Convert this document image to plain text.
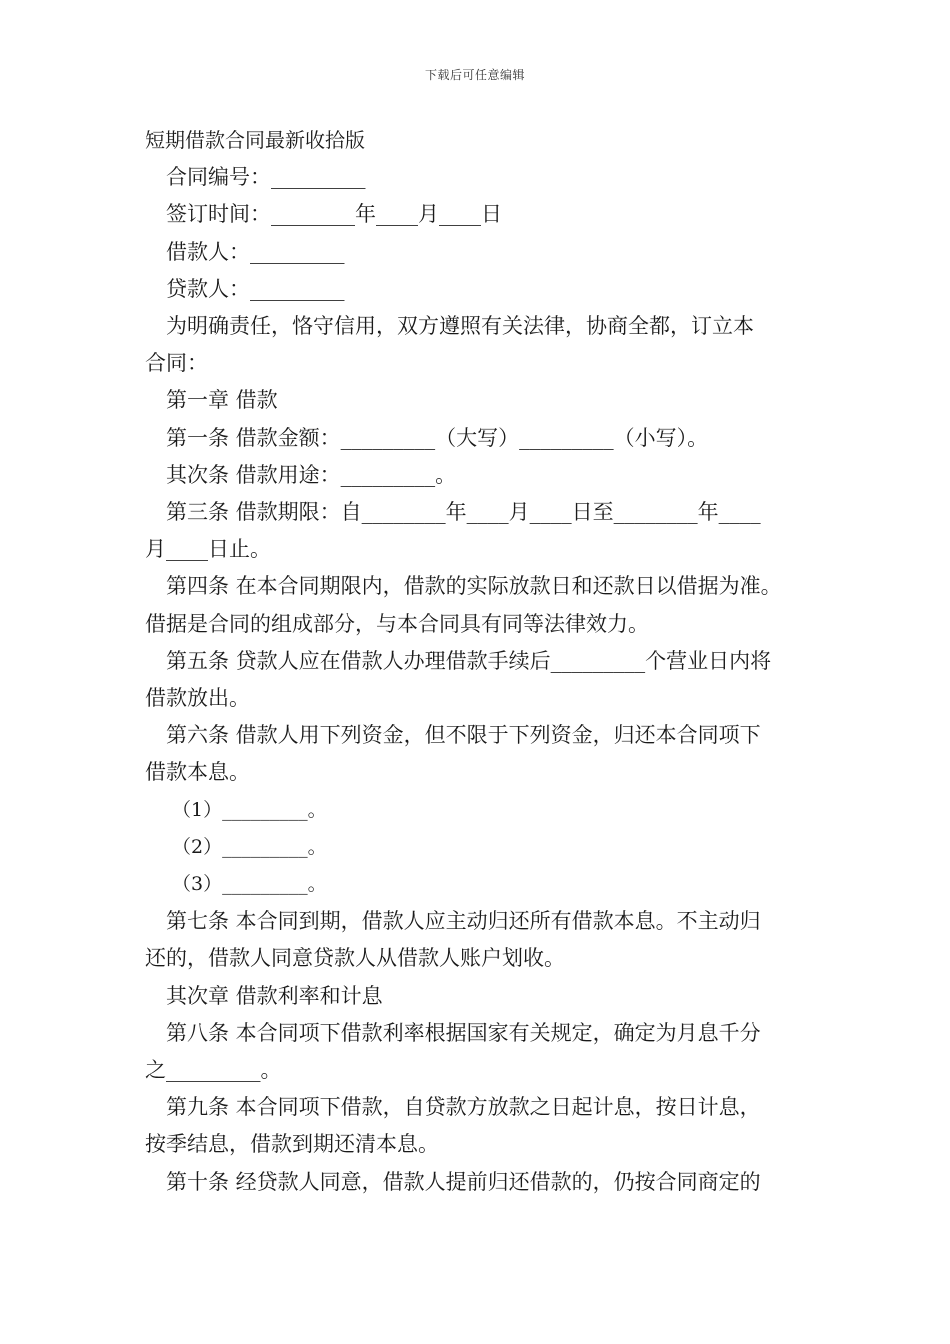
下载后可任意编辑
短期借款合同最新收拾版
合同编号：_________
签订时间：________年____月____日
借款人：_________
贷款人：_________
为明确责任，恪守信用，双方遵照有关法律，协商全都，订立本
合同：
第一章 借款
第一条 借款金额：_________（大写）_________（小写）。
其次条 借款用途：_________。
第三条 借款期限：自________年____月____日至________年____
月____日止。
第四条 在本合同期限内，借款的实际放款日和还款日以借据为准。
借据是合同的组成部分，与本合同具有同等法律效力。
第五条 贷款人应在借款人办理借款手续后_________个营业日内将
借款放出。
第六条 借款人用下列资金，但不限于下列资金，归还本合同项下
借款本息。
（1）_________。
（2）_________。
（3）_________。
第七条 本合同到期，借款人应主动归还所有借款本息。不主动归
还的，借款人同意贷款人从借款人账户划收。
其次章 借款利率和计息
第八条 本合同项下借款利率根据国家有关规定，确定为月息千分
之_________。
第九条 本合同项下借款，自贷款方放款之日起计息，按日计息，
按季结息，借款到期还清本息。
第十条 经贷款人同意，借款人提前归还借款的，仍按合同商定的
